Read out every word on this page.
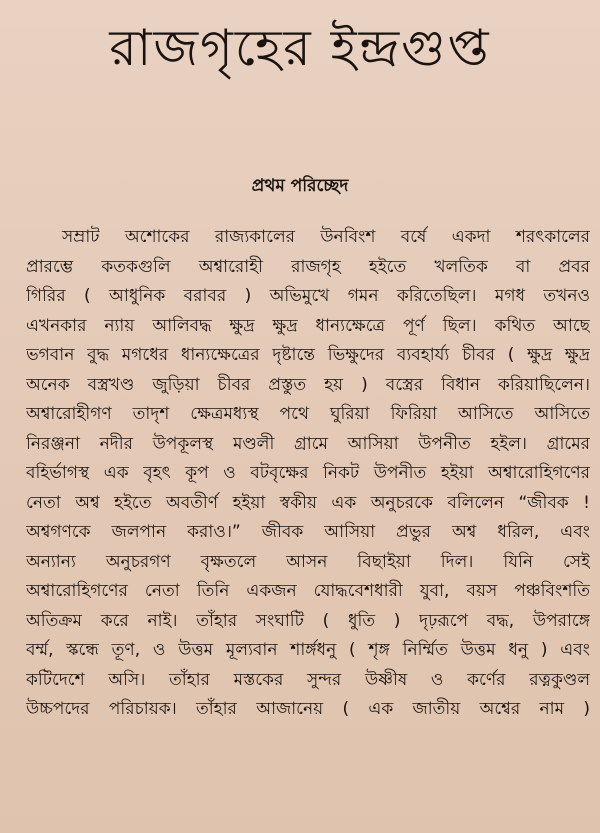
রাজগৃহের ইন্দ্রগুপ্ত
প্রথম পরিচ্ছেদ
সম্রাট অশোকের রাজ্যকালের উনবিংশ বর্ষে একদা শরৎকালের
প্রারম্ভে কতকগুলি অশ্বারোহী রাজগৃহ হইতে খলতিক বা প্রবর
গিরির ( আধুনিক বরাবর ) অভিমুখে গমন করিতেছিল। মগধ তখনও
এখনকার ন্যায় আলিবদ্ধ ক্ষুদ্র ক্ষুদ্র ধান্যক্ষেত্রে পূর্ণ ছিল। কথিত আছে
ভগবান বুদ্ধ মগধের ধান্যক্ষেত্রের দৃষ্টান্তে ভিক্ষুদের ব্যবহার্য্য চীবর ( ক্ষুদ্র ক্ষুদ্র
অনেক বস্ত্রখণ্ড জুড়িয়া চীবর প্রস্তুত হয় ) বস্ত্রের বিধান করিয়াছিলেন।
অশ্বারোহীগণ তাদৃশ ক্ষেত্রমধ্যস্থ পথে ঘুরিয়া ফিরিয়া আসিতে আসিতে
নিরঞ্জনা নদীর উপকূলস্থ মণ্ডলী গ্রামে আসিয়া উপনীত হইল। গ্রামের
বহির্ভাগস্থ এক বৃহৎ কূপ ও বটবৃক্ষের নিকট উপনীত হইয়া অশ্বারোহিগণের
নেতা অশ্ব হইতে অবতীর্ণ হইয়া স্বকীয় এক অনুচরকে বলিলেন “জীবক !
অশ্বগণকে জলপান করাও।” জীবক আসিয়া প্রভুর অশ্ব ধরিল, এবং
অন্যান্য অনুচরগণ বৃক্ষতলে আসন বিছাইয়া দিল। যিনি সেই
অশ্বারোহিগণের নেতা তিনি একজন যোদ্ধবেশধারী যুবা, বয়স পঞ্চবিংশতি
অতিক্রম করে নাই। তাঁহার সংঘাটি ( ধুতি ) দৃঢ়রূপে বদ্ধ, উপরাঙ্গে
বর্ম্ম, স্কন্ধে তূণ, ও উত্তম মূল্যবান শার্ঙ্গধনু ( শৃঙ্গ নির্ম্মিত উত্তম ধনু ) এবং
কটিদেশে অসি। তাঁহার মস্তকের সুন্দর উষ্ণীষ ও কর্ণের রত্নকুণ্ডল
উচ্চপদের পরিচায়ক। তাঁহার আজানেয় ( এক জাতীয় অশ্বের নাম )
